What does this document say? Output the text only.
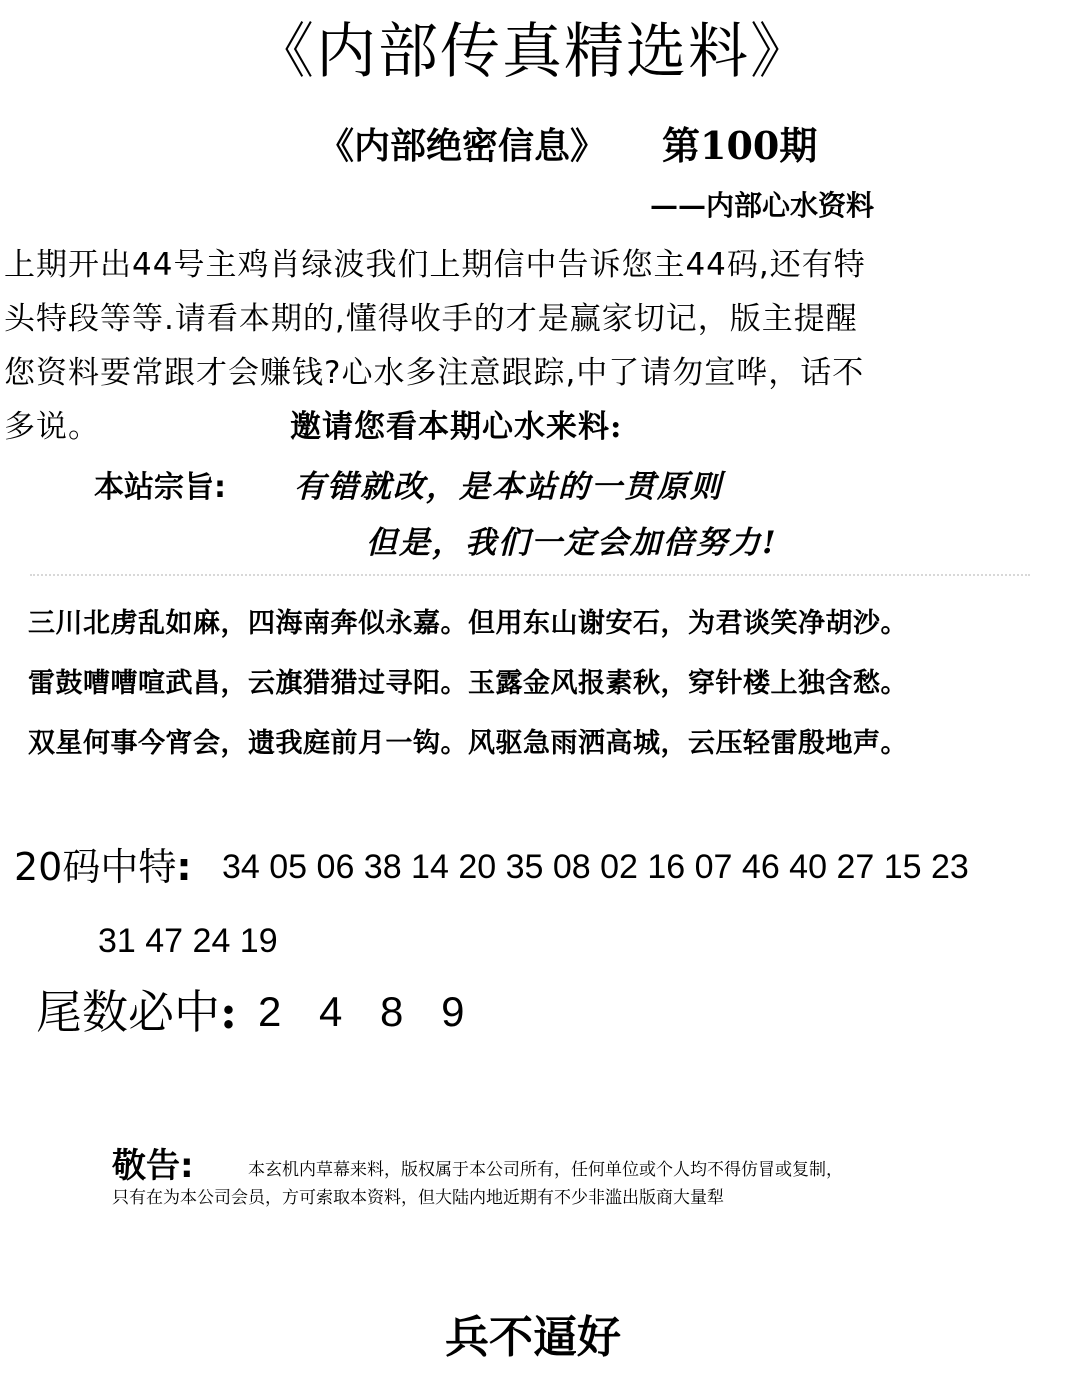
《内部传真精选料》
《内部绝密信息》 第100期
——内部心水资料
上期开出44号主鸡肖绿波我们上期信中告诉您主44码,还有特
头特段等等.请看本期的,懂得收手的才是赢家切记，版主提醒
您资料要常跟才会赚钱?心水多注意跟踪,中了请勿宣哗，话不
多说。	邀请您看本期心水来料:
本站宗旨: 有错就改，是本站的一贯原则
但是，我们一定会加倍努力!
三川北虏乱如麻，四海南奔似永嘉。但用东山谢安石，为君谈笑净胡沙。
雷鼓嘈嘈喧武昌，云旗猎猎过寻阳。玉露金风报素秋，穿针楼上独含愁。
双星何事今宵会，遗我庭前月一钩。风驱急雨洒高城，云压轻雷殷地声。
20码中特: 34 05 06 38 14 20 35 08 02 16 07 46 40 27 15 23
31 47 24 19
尾数必中: 2 4 8 9
敬告:	本玄机内草幕来料，版权属于本公司所有，任何单位或个人均不得仿冒或复制，
只有在为本公司会员，方可索取本资料，但大陆内地近期有不少非滥出版商大量犁
兵不逼好
